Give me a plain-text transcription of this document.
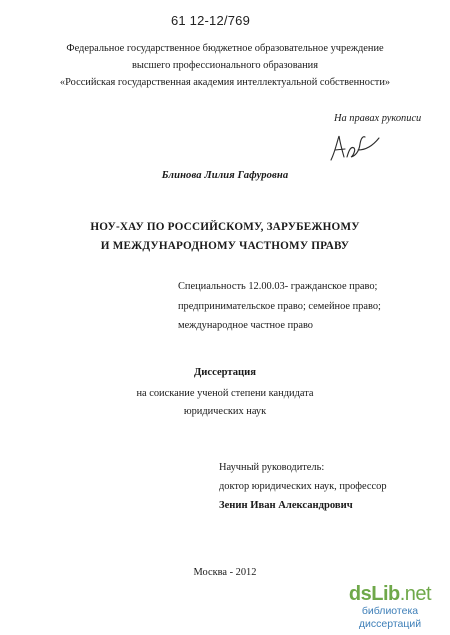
61 12-12/769
Федеральное государственное бюджетное образовательное учреждение
высшего профессионального образования
«Российская государственная академия интеллектуальной собственности»
На правах рукописи
Блинова Лилия Гафуровна
НОУ-ХАУ ПО РОССИЙСКОМУ, ЗАРУБЕЖНОМУ
И МЕЖДУНАРОДНОМУ ЧАСТНОМУ ПРАВУ
Специальность 12.00.03- гражданское право;
предпринимательское право; семейное право;
международное частное право
Диссертация
на соискание ученой степени кандидата
юридических наук
Научный руководитель:
доктор юридических наук, профессор
Зенин Иван Александрович
Москва - 2012
dsLib.net
библиотека диссертаций
